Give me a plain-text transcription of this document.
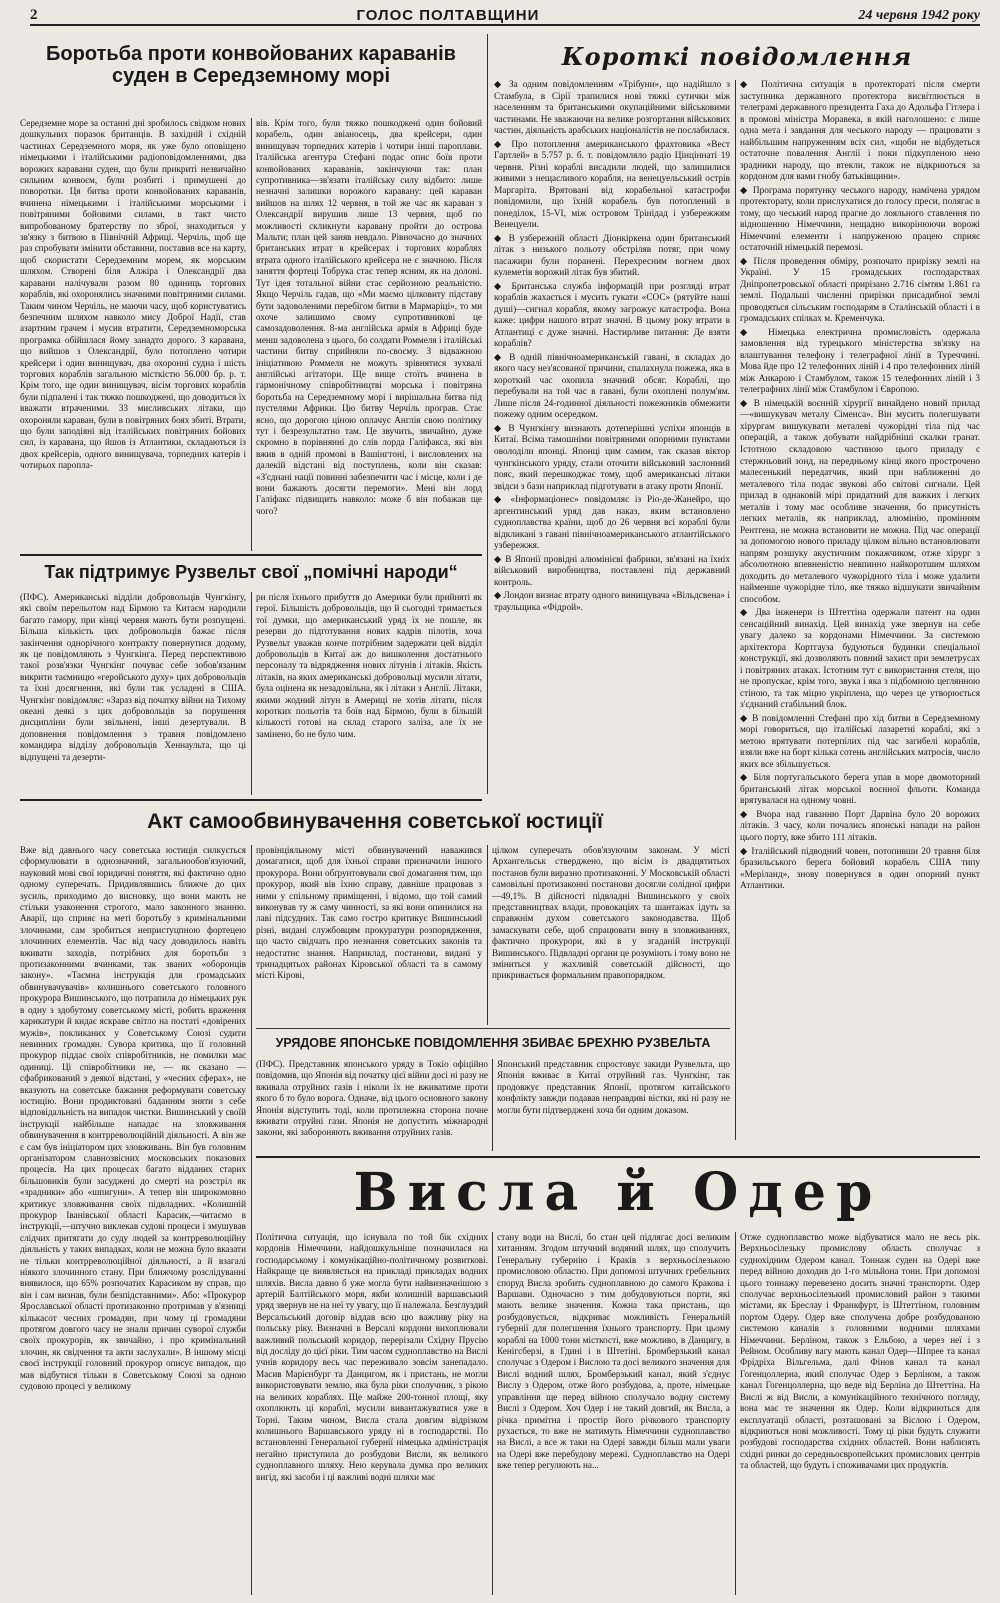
2	ГОЛОС ПОЛТАВЩИНИ	24 червня 1942 року
Боротьба проти конвойованих караванів суден в Середземному морі

Середземне море за останні дні зробилось свідком нових дошкульних поразок британців. В західній і східній частинах Середземного моря, як уже було оповіщено німецькими і італійськими радіоповідомленнями, два ворожих каравани суден, що були прикриті незвичайно сильним конвоєм, були розбиті і примушені до поворотки. Ця битва проти конвойованих караванів, вчинена німецькими і італійськими морськими і повітряними бойовими силами, в такт чисто випробованому братерству по зброї, знаходиться у зв'язку з битвою в Північній Африці. Черчіль, щоб ще раз спробувати змінити обставини, поставив все на карту, щоб скористати Середземним морем, як морським шляхом. Створені біля Алжіра і Олександрії два каравани налічували разом 80 одиниць торгових кораблів, які охоронялись значними повітряними силами. Таким чином Черчіль, не маючи часу, щоб користуватись безпечним шляхом навколо мису Доброї Надії, став азартним грачем і мусив втратити, Середземноморська програмка обійшлася йому занадто дорого. З каравана, що вийшов з Олександрії, було потоплено чотири крейсери і один винищувач, два охоронні судна і шість торгових кораблів загальною місткістю 56.000 бр. р. т. Крім того, ще один винищувач, вісім торгових кораблів були підпалені і так тяжко пошкоджені, що доводиться їх вважати втраченими. 33 мисливських літаки, що охороняли караван, були в повітряних боях збиті. Втрати, що були заподіяні від італійських повітряних бойових сил, із каравана, що йшов із Атлантики, складаються із двох крейсерів, одного винищувача, торпедних катерів і чотирьох паропла-

вів. Крім того, були тяжко пошкоджені один бойовий корабель, один авіаносець, два крейсери, один винищувач торпедних катерів і чотири інші пароплави. Італійська агентура Стефані подає опис боїв проти конвойованих караванів, закінчуючи так: план супротивника—зв'язати італійську силу відбито: лише незначні залишки ворожого каравану: цей караван вийшов на шлях 12 червня, в той же час як караван з Олександрії вирушив лише 13 червня, щоб по можливості скликнути каравану пройти до острова Мальти; план цей заняв невдало. Рівночасно до значних британських втрат в крейсерах і торгових кораблях втрата одного італійського крейсера не є значною. Після заняття фортеці Тобрука стає тепер ясним, як на долоні. Тут ідея тотальної війни стає серйозною реальністю. Якщо Черчіль гадав, що «Ми маємо цілковиту підставу бути задоволеними перебігом битви в Мармаріці», то ми охоче залишимо свому супротивникові це самозадоволення. 8-ма англійська армія в Африці буде менш задоволена з цього, бо солдати Роммеля і італійські частини битву сприйняли по-своєму. З відважною ініціативою Роммеля не можуть зрівнятися зухвалі англійські агітатори. Ще вище стоїть вчинена в гармонічному співробітництві морська і повітряна боротьба на Середземному морі і вирішальна битва під пустелями Африки. Цю битву Черчіль програв. Стає ясно, що дорогою ціною оплачує Англія свою політику тут і безрезультатно там. Це звучить, звичайно, дуже скромно в порівнянні до слів лорда Галіфакса, які він вжив в одній промові в Вашінгтоні, і висловлених на далекій відстані від поступлень, коли він сказав: «З'єднані нації повинні забезпечити час і місце, коли і де вони бажають досягти перемоги». Мені він лорд Галіфакс підвищить навколо: може б він побажав ще чого?

Так підтримує Рузвельт свої „помічні народи“

(ПФС). Американські відділи добровольців Чунгкінгу, які своїм перельотом над Бірмою та Китаєм народили багато гамору, при кінці червня мають бути розпущені. Більша кількість цих добровольців бажає після закінчення однорічного контракту повернутися додому, як це повідомляють з Чунгкінга. Перед перспективою такої розв'язки Чунгкінг почуває себе зобов'язаним викрити таємницю «геройського духу» цих добровольців та їхні досягнення, які були так усладені в США. Чунгкінг повідомляє: «Зараз від початку війни на Тихому океані деякі з цих добровольців за порушення дисципліни були звільнені, інші дезертували. В доповнення повідомлення з травня повідомлено командира відділу добровольців Хеннаульта, що ці відпущені та дезерти-

ри після їхнього прибуття до Америки були прийняті як герої. Більшість добровольців, що й сьогодні тримається тої думки, що американський уряд їх не пошле, як резерви до підготування нових кадрів пілотів, хоча Рузвельт уважав конче потрібним задержати цей відділ добровольців в Китаї аж до вишколення достатнього персоналу та відрядження нових літунів і літаків. Якість літаків, на яких американські добровольці мусили літати, була оцінена як незадовільна, як і літаки з Англії. Літаки, якими жодний літун в Америці не хотів літати, після коротких польотів та боїв над Бірмою, були в більшій кількості готові на склад старого заліза, але їх не замінено, бо не було чим.

Короткі повідомлення

◆ За одним повідомленням «Трібуни», що надійшло з Стамбула, в Сірії трапилися нові тяжкі сутички між населенням та британськими окупаційними військовими частинами. Не зважаючи на велике розгортання військових частин, діяльність арабських націоналістів не послабилася.

◆ Про потоплення американського фрахтовика «Вест Гартлей» в 5.757 р. б. т. повідомляло радіо Цінціннаті 19 червня. Різні кораблі висадили людей, що залишилися живими з нещасливого корабля, на венецуельський острів Маргаріта. Врятовані від корабельної катастрофи повідомили, що їхній корабель був потоплений в понеділок, 15-VI, між островом Трінідад і узбережжям Венецуели.

◆ В узбережній області Діонкіркена один британський літак з низького польоту обстріляв потяг, при чому пасажири були поранені. Перехресним вогнем двох кулеметів ворожий літак був збитий.

◆ Британська служба інформацій при розгляді втрат кораблів жахається і мусить гукати «СОС» (рятуйте наші душі)—сигнал корабля, якому загрожує катастрофа. Вона каже: цифри нашого втрат значні. В цьому року втрати в Атлантиці є дуже значні. Настирливе питання: Де взяти кораблів?

◆ В одній північноамериканській гавані, в складах до якого часу нез'ясованої причини, спалахнула пожежа, яка в короткий час охопила значний обсяг. Кораблі, що перебували на той час в гавані, були охоплені полум'ям. Лише після 24-годинної діяльності пожежників обмежити пожежу одним осередком.

◆ В Чунгкінгу визнають дотеперішні успіхи японців в Китаї. Всіма тамошніми повітряними опорними пунктами оволоділи японці. Японці цим самим, так сказав віктор чунгкінського уряду, стали оточити військовий заслонний пояс, який перешкоджає тому, щоб американські літаки звідси з бази наприклад підготувати в атаку проти Японії.

◆ «Інформаціонес» повідомляє із Ріо-де-Жанейро, що аргентинський уряд дав наказ, яким встановлено судноплавства країни, щоб до 26 червня всі кораблі були відкликані з гавані північноамериканського атлантійського узбережжя.

◆ В Японії провідні алюмінієві фабрики, зв'язані на їхніх військовий виробництва, поставлені під державний контроль.

◆ Лондон визнає втрату одного винищувача «Вільдсвена» і траульщика «Фідрой».

◆ Політична ситуація в протектораті після смерти заступника державного протектора висвітлюється в телеграмі державного президента Гаха до Адольфа Гітлера і в промові міністра Моравека, в якій наголошено: є лише одна мета і завдання для чеського народу — працювати з найбільшим напруженням всіх сил, «щоби не відбудеться остаточне повалення Англії і поки підкупленою нею зрадники народу, що втекли, також не відкриються за кордоном для вами гнобу батьківщини».

◆ Програма порятунку чеського народу, намічена урядом протекторату, коли прислухатися до голосу преси, полягає в тому, що чеський народ прагне до лояльного ставлення по відношенню Німеччини, нещадно викорінюючи ворожі Німеччині елементи і напруженою працею сприяє остаточній німецькій перемозі.

◆ Після проведення обміру, розпочато прирізку землі на Україні. У 15 громадських господарствах Дніпропетровської області прирізано 2.716 сімтям 1.861 га землі. Подальші численні прирізки присадибної землі проводяться сільським господарям в Сталінській області і в громадських спілках м. Кременчука.

◆ Німецька електрична промисловість одержала замовлення від турецького міністерства зв'язку на влаштування телефону і телеграфної лінії в Туреччині. Мова йде про 12 телефонних ліній і 4 про телефонних ліній між Анкарою і Стамбулом, також 15 телефонних ліній і 3 телеграфних лінії між Стамбулом і Європою.

◆ В німецькій воєнній хірургії винайдено новий прилад—«вишукувач металу Сіменса». Він мусить полегшувати хірургам вишукувати металеві чужорідні тіла під час операцій, а також добувати найдрібніші скалки гранат. Істотною складовою частиною цього приладу є стержньовий зонд, на передньому кінці якого прострочено малесенький передатчик, який при наближенні до металевого тіла подає звукові або світові сигнали. Цей прилад в однаковій мірі придатний для важких і легких металів і тому має особливе значення, бо присутність легких металів, як наприклад, алюмінію, промінням Рентгена, не можна встановити не можна. Під час операції за допомогою нового приладу цілком вільно встановлювати напрям розшуку акустичним покажчиком, отже хірург з абсолютною впевненістю невпинно найкоротшим шляхом доходить до металевого чужорідного тіла і може удалити найменше чужорідне тіло, яке тяжко відшукати звичайним способом.

◆ Два інженери із Штеттіна одержали патент на один сенсаційний винахід. Цей винахід уже звернув на себе увагу далеко за кордонами Німеччини. За системою архітектора Кортгауза будуються будинки спеціальної конструкції, які дозволяють повний захист при землетрусах і повітряних атаках. Істотним тут є використання стеля, що не пропускає, крім того, звука і яка з підбомною цеглянною стіною, та так міцно укріплена, що через це утворюється з'єднаний стабільний блок.

◆ В повідомленні Стефані про хід битви в Середземному морі говориться, що італійські лазаретні кораблі, які з метою врятувати потерпілих під час загибелі кораблів, взяли вже на борт кілька сотень англійських матросів, число яких все збільшується.

◆ Біля португальського берега упав в море двомоторний британський літак морської воєнної фльоти. Команда врятувалася на одному човні.

◆ Вчора над гаванню Порт Дарвіна було 20 ворожих літаків. З часу, коли почались японські напади на район цього порту, вже збито 111 літаків.

◆ Італійський підводний човен, потопивши 20 травня біля бразильського берега бойовий корабель США типу «Меріланд», знову повернувся в один опорний пункт Атлантики.

Акт самообвинувачення советської юстиції

Вже від давнього часу советська юстиція силкується сформулювати в однозначний, загальнообов'язуючий, науковий мові свої юридичні поняття, які фактично одно одному суперечать. Придивлявшись ближче до цих зусиль, приходимо до висновку, що вони мають не стільки узаконення строгого, мало законного знанню. Аварії, що сприяє на меті боротьбу з кримінальними злочинами, сам зробиться непристуцпною фортецею злочинних елементів. Час від часу доводилось навіть вживати заходів, потрібних для боротьби з протизаконними вчинками, так званих «оборонців закону». «Таємна інструкція для громадських обвинувачувачів» колишнього советського головного прокурора Вишинського, що потрапила до німецьких рук в одну з здобутому советському місті, робить враження карикатури й кидає яскраве світло на постаті «довірених мужів», покликаних у Советському Союзі судити невинних громадян. Сувора критика, що її головний прокурор піддає своїх співробітників, не помилки має одиниці. Ці співробітники не, — як сказано — сфабрикований з деякої відстані, у «чесних сферах», не вказують на советське бажання реформувати советську юстицію. Вони продиктовані баданням зняти з себе відповідальність на випадок чистки. Вишинський у своїй інструкції найбільше нападає на зловживання обвинувачення в контрреволюційній діяльності. А він же є сам був ініціатором цих зловживань. Він був головним організатором славнозвісних московських показових процесів. На цих процесах багато відданих старих більшовиків були засуджені до смерті на розстріл як «зрадники» або «шпигуни». А тепер він широкомовно критикує зловживання своїх підвладних. «Колишній прокурор Іванівської області Карасик,—читаємо в інструкції,—штучно виклекав судові процеси і змушував слідчих притягати до суду людей за контрреволюційну діяльність у таких випадках, коли не можна було вказати не тільки контрреволюційної діяльності, а й взагалі ніякого злочинного стану. При ближчому розслідуванні виявилося, що 65% розпочатих Карасиком ву справ, що він і сам визнав, були безпідставними». Або: «Прокурор Ярославської області протизаконно протримав у в'язниці кількасот чесних громадян, при чому ці громадяни протягом довгого часу не знали причин суворої служби своїх прокурорів, як звичайно, і про кримінальний злочин, як свідчення та акти заслухали». В іншому місці своєї інструкції головний прокурор описує випадок, що мав відбутися тільки в Советському Союзі за одною судовою процесі у великому

провінціяльному місті обвинувачений наважився домагатися, щоб для їхньої справи призначили іншого прокурора. Вони обґрунтовували свої домагання тим, що прокурор, який вів їхню справу, давніше працював з ними у спільному приміщенні, і відомо, що той самий виконував ту ж саму чинності, за які вони опинилися на лаві підсудних. Так само гостро критикує Вишинський різні, видані службовцям прокуратури розпорядження, що часто свідчать про незнання советських законів та недостатнє знання. Наприклад, постанови, видані у тринадцятьох районах Кіровської області та в самому місті Кірові,

цілком суперечать обов'язуючим законам. У місті Архангельськ стверджено, що вісім із двадцятитьох постанов були виразно протизаконні. У Московській області самовільні протизаконні постанови досягли солідної цифри—49,1%. В дійсності підвладні Вишинського у своїх представництвах влади, провокаціях та шантажах ідуть за справжнім духом советського законодавства. Щоб замаскувати себе, щоб спрацювати вину в зловживаннях, фактично прокурори, які в у згаданій інструкції Вишинського. Підвладні органи це розуміють і тому воно не зміниться у жахливій советській дійсності, що прикривається формальним правопорядком.

УРЯДОВЕ ЯПОНСЬКЕ ПОВІДОМЛЕННЯ ЗБИВАЄ БРЕХНЮ РУЗВЕЛЬТА

(ПФС). Представник японського уряду в Токіо офіційно повідомив, що Японія від початку цієї війни досі ні разу не вживала отруйних газів і ніколи їх не вживатиме проти якого б то було ворога. Одначе, від цього основного закону Японія відступить тоді, коли протилежна сторона почне вживати отруйні гази. Японія не допустить міжнародні закони, які забороняють вживання отруйних газів.

Японський представник спростовує закиди Рузвельта, що Японія вживає в Китаї отруйний газ. Чунгкінг, так продовжує представник Японії, протягом китайського конфлікту завжди подавав неправдиві вістки, які ні разу не могли бути підтверджені хоча би одним доказом.

Висла й Одер

Політична ситуація, що існувала по той бік східних кордонів Німеччини, найдошкульніше позначилася на господарському і комунікаційно-політичному розвиткові. Найкраще це виявляється на прикладі прикладах водних шляхів. Висла давно б уже могла бути найвизначнішою з артерій Балтійського моря, якби колишній варшавський уряд звернув не на неї ту увагу, що її належала. Безглуздий Версальський договір віддав всю цю важливу ріку на польську ріку. Визначні в Версалі кордони вихоплювали важливий польський коридор, перерізали Східну Прусію від досліду до цієї ріки. Тим часом судноплавство на Вислі учнів коридору весь час переживало зовсім занепадало. Масив Марієнбург та Данцигом, як і пристань, не могли використовувати землю, яка була ріки сполучник, з рікою на великих кораблях. Ще майже 200-тонної площі, яку охоплюють ці кораблі, мусили вивантажуватися уже в Торні. Таким чином, Висла стала довгим відрізком колишнього Варшавського уряду ні в господарстві. По встановленні Генеральної губернії німецька адміністрація негайно приступила до розбудови Висли, як великого судноплавного шляху. Нею керувала думка про великих вигід, які засоби і ці важливі водні шляхи має

стану води на Вислі, бо стан цей підлягає досі великим хитанням. Згодом штучний водяний шлях, що сполучить Генеральну губернію і Краків з верхньосілезькою промисловою областю. При допомозі штучних гребельних споруд Висла зробить судноплавною до самого Кракова і Варшави. Одночасно з тим добудовуються порти, які мають велике значення. Кожна така пристань, що розбудовується, відкриває можливість Генеральній губернії для полегшення їхнього транспорту. При цьому кораблі на 1000 тонн місткості, вже можливо, в Данцигу, в Кенігсберзі, в Гдині і в Штетіні. Бромберзький канал сполучає з Одером і Вислою та досі великого значення для Вислі водний шлях, Бромберзький канал, який з'єднує Вислу з Одером, отже його розбудова, а, проте, німецьке управління ще перед війною сполучало водну систему Вислі з Одером. Хоч Одер і не такий довгий, як Висла, а річка примітна і простір його річкового транспорту рухається, то вже не матимуть Німеччини судноплавство на Вислі, а все ж таки на Одері завжди більш мали уваги на Одері вже перебудову мережі. Судноплавство на Одері вже тепер регулюють на...

Отже судноплавство може відбуватися мало не весь рік. Верхньосілезьку промислову область сполучає з суднохідним Одером канал. Тоннаж суден на Одері вже перед війною доходив до 1-го мільйона тонн. При допомозі цього тоннажу перевезено досить значні транспорти. Одер сполучає верхньосілезький промисловий район з такими містами, як Бреслау і Франкфурт, із Штеттіном, головним портом Одеру. Одер вже сполучена добре розбудованою системою каналів з головними водними шляхами Німеччини. Берліном, також з Ельбою, а через неї і з Рейном. Особливу вагу мають канал Одер—Шпрее та канал Фрідріха Вільгельма, далі Фінов канал та канал Гогенцоллерна, який сполучає Одер з Берліном, а також канал Гогенцоллерна, що веде від Берліна до Штеттіна. На Вислі ж від Висли, а комунікаційного технічного погляду, вона має те значення як Одер. Коли відкриються для експлуатації області, розташовані за Віслою і Одером, відкриються нові можливості. Тому ці ріки будуть служити розбудові господарства східних областей. Вони наблизять східні ринки до середньоєвропейських промислових центрів та областей, що будуть і споживачами цих продуктів.
